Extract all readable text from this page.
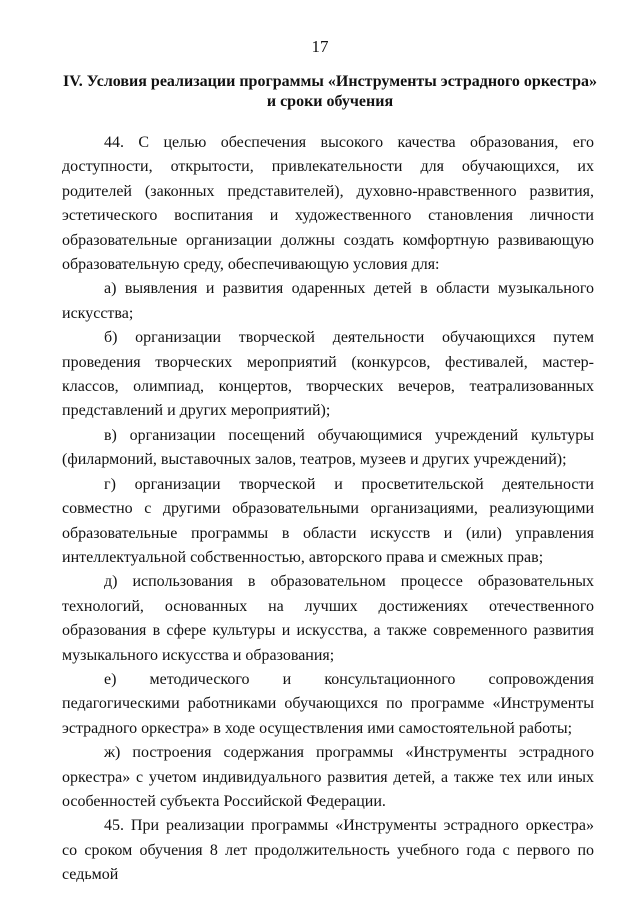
17
IV. Условия реализации программы «Инструменты эстрадного оркестра»
и сроки обучения

44. С целью обеспечения высокого качества образования, его доступности, открытости, привлекательности для обучающихся, их родителей (законных представителей), духовно-нравственного развития, эстетического воспитания и художественного становления личности образовательные организации должны создать комфортную развивающую образовательную среду, обеспечивающую условия для:

а) выявления и развития одаренных детей в области музыкального искусства;

б) организации творческой деятельности обучающихся путем проведения творческих мероприятий (конкурсов, фестивалей, мастер-классов, олимпиад, концертов, творческих вечеров, театрализованных представлений и других мероприятий);

в) организации посещений обучающимися учреждений культуры (филармоний, выставочных залов, театров, музеев и других учреждений);

г) организации творческой и просветительской деятельности совместно с другими образовательными организациями, реализующими образовательные программы в области искусств и (или) управления интеллектуальной собственностью, авторского права и смежных прав;

д) использования в образовательном процессе образовательных технологий, основанных на лучших достижениях отечественного образования в сфере культуры и искусства, а также современного развития музыкального искусства и образования;

е) методического и консультационного сопровождения педагогическими работниками обучающихся по программе «Инструменты эстрадного оркестра» в ходе осуществления ими самостоятельной работы;

ж) построения содержания программы «Инструменты эстрадного оркестра» с учетом индивидуального развития детей, а также тех или иных особенностей субъекта Российской Федерации.

45. При реализации программы «Инструменты эстрадного оркестра» со сроком обучения 8 лет продолжительность учебного года с первого по седьмой
